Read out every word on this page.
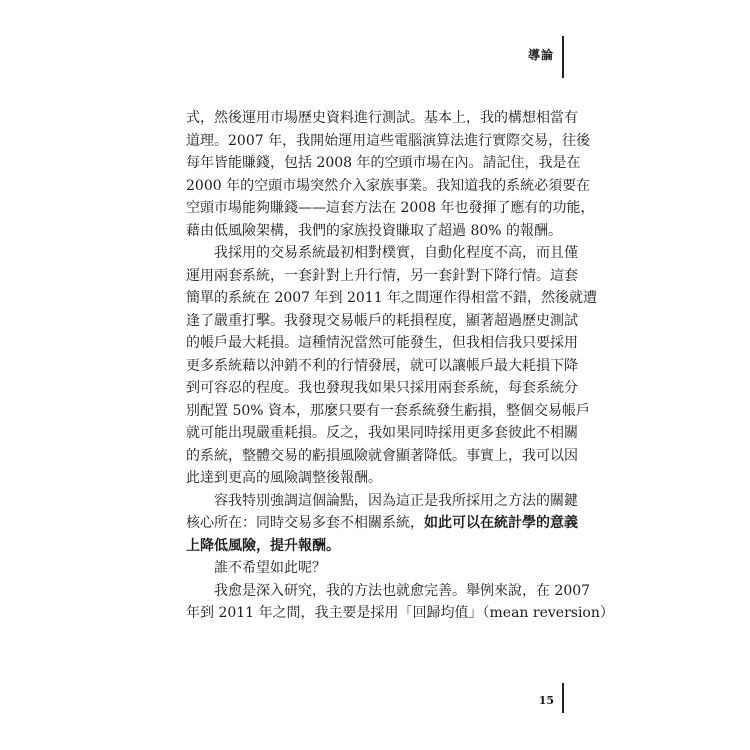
導論
式，然後運用市場歷史資料進行測試。基本上，我的構想相當有
道理。2007 年，我開始運用這些電腦演算法進行實際交易，往後
每年皆能賺錢，包括 2008 年的空頭市場在內。請記住，我是在
2000 年的空頭市場突然介入家族事業。我知道我的系統必須要在
空頭市場能夠賺錢——這套方法在 2008 年也發揮了應有的功能，
藉由低風險架構，我們的家族投資賺取了超過 80% 的報酬。
我採用的交易系統最初相對樸實，自動化程度不高，而且僅
運用兩套系統，一套針對上升行情，另一套針對下降行情。這套
簡單的系統在 2007 年到 2011 年之間運作得相當不錯，然後就遭
逢了嚴重打擊。我發現交易帳戶的耗損程度，顯著超過歷史測試
的帳戶最大耗損。這種情況當然可能發生，但我相信我只要採用
更多系統藉以沖銷不利的行情發展，就可以讓帳戶最大耗損下降
到可容忍的程度。我也發現我如果只採用兩套系統，每套系統分
別配置 50% 資本，那麼只要有一套系統發生虧損，整個交易帳戶
就可能出現嚴重耗損。反之，我如果同時採用更多套彼此不相關
的系統，整體交易的虧損風險就會顯著降低。事實上，我可以因
此達到更高的風險調整後報酬。
容我特別強調這個論點，因為這正是我所採用之方法的關鍵
核心所在：同時交易多套不相關系統，如此可以在統計學的意義
上降低風險，提升報酬。
誰不希望如此呢？
我愈是深入研究，我的方法也就愈完善。舉例來說，在 2007
年到 2011 年之間，我主要是採用「回歸均值」（mean reversion）
15
